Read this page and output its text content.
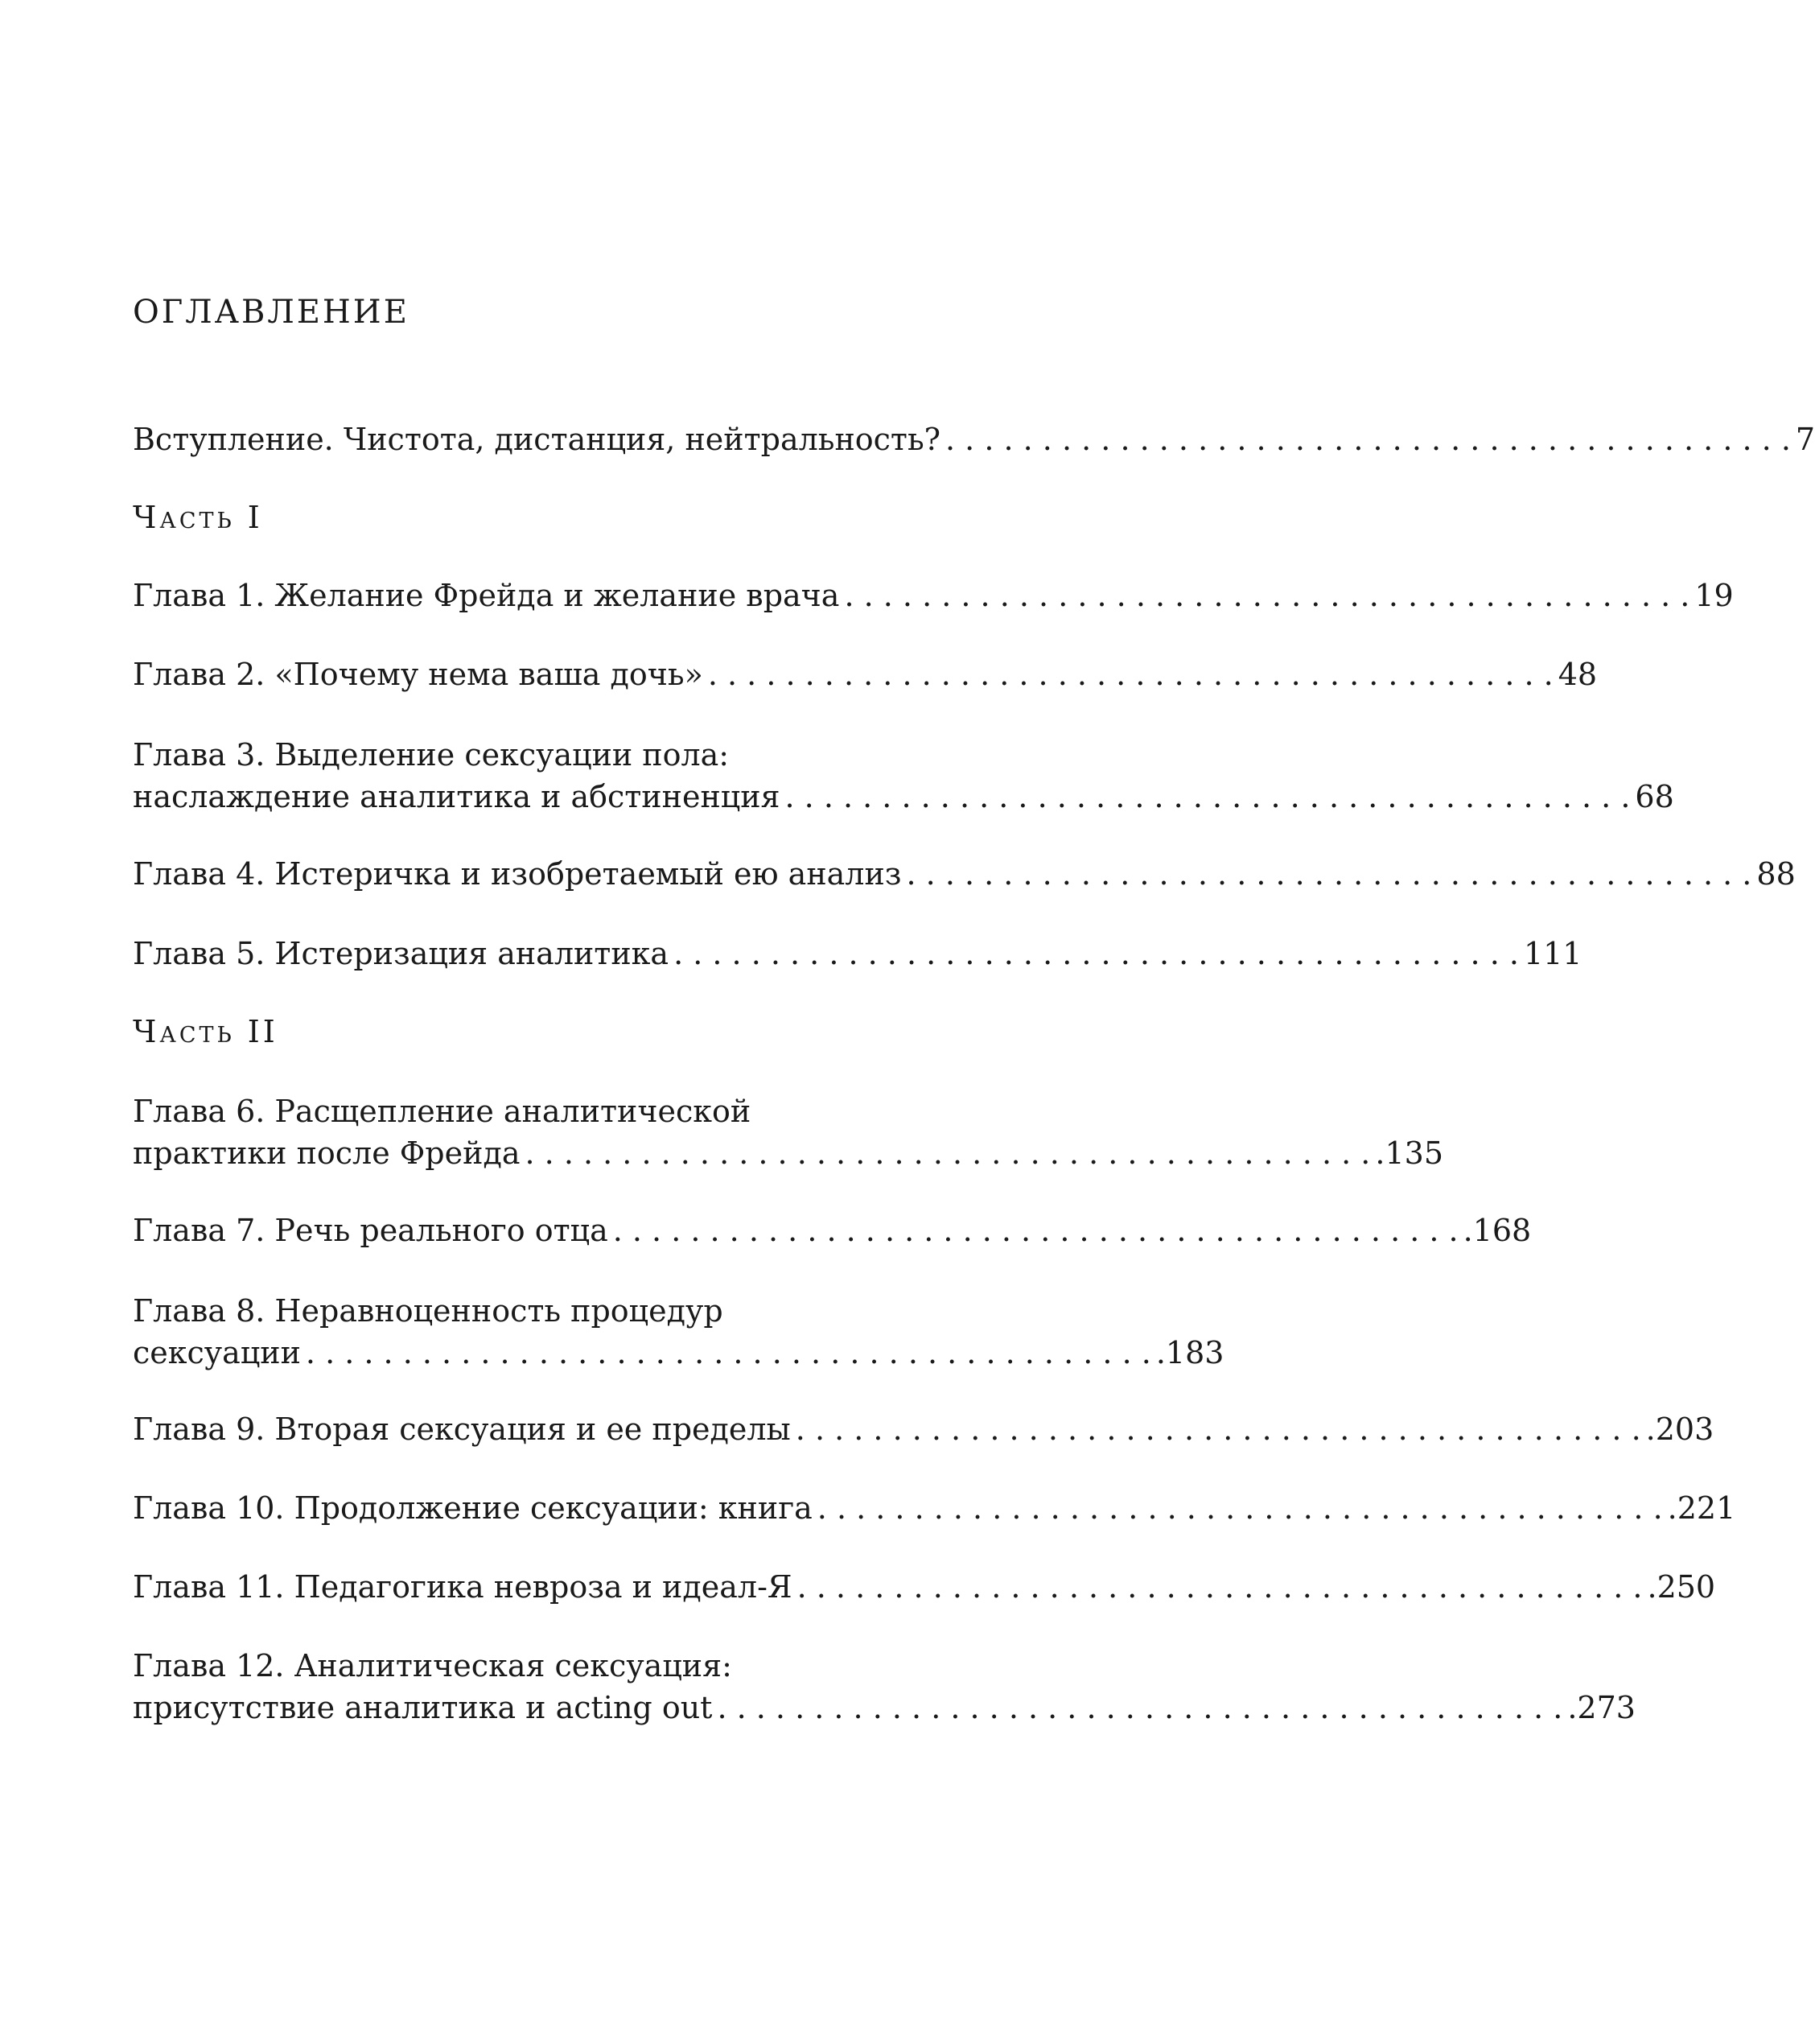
ОГЛАВЛЕНИЕ
Вступление. Чистота, дистанция, нейтральность? . . . . . . . . . . . . . . . . . . . . . . . . . . . . . . . . . . . . . . . . . . . . 7
Часть I
Глава 1. Желание Фрейда и желание врача . . . . . . . . . . . . . . . . . . . . . . . . . . . . . . . . . . . . . . . . . . . . 19
Глава 2. «Почему нема ваша дочь» . . . . . . . . . . . . . . . . . . . . . . . . . . . . . . . . . . . . . . . . . . . . 48
Глава 3. Выделение сексуации пола:
наслаждение аналитика и абстиненция . . . . . . . . . . . . . . . . . . . . . . . . . . . . . . . . . . . . . . . . . . . . 68
Глава 4. Истеричка и изобретаемый ею анализ . . . . . . . . . . . . . . . . . . . . . . . . . . . . . . . . . . . . . . . . . . . . 88
Глава 5. Истеризация аналитика . . . . . . . . . . . . . . . . . . . . . . . . . . . . . . . . . . . . . . . . . . . . 111
Часть II
Глава 6. Расщепление аналитической
практики после Фрейда . . . . . . . . . . . . . . . . . . . . . . . . . . . . . . . . . . . . . . . . . . . . .135
Глава 7. Речь реального отца . . . . . . . . . . . . . . . . . . . . . . . . . . . . . . . . . . . . . . . . . . . . .168
Глава 8. Неравноценность процедур
сексуации . . . . . . . . . . . . . . . . . . . . . . . . . . . . . . . . . . . . . . . . . . . . .183
Глава 9. Вторая сексуация и ее пределы . . . . . . . . . . . . . . . . . . . . . . . . . . . . . . . . . . . . . . . . . . . . .203
Глава 10. Продолжение сексуации: книга . . . . . . . . . . . . . . . . . . . . . . . . . . . . . . . . . . . . . . . . . . . . .221
Глава 11. Педагогика невроза и идеал-Я . . . . . . . . . . . . . . . . . . . . . . . . . . . . . . . . . . . . . . . . . . . . .250
Глава 12. Аналитическая сексуация:
присутствие аналитика и acting out . . . . . . . . . . . . . . . . . . . . . . . . . . . . . . . . . . . . . . . . . . . . .273
